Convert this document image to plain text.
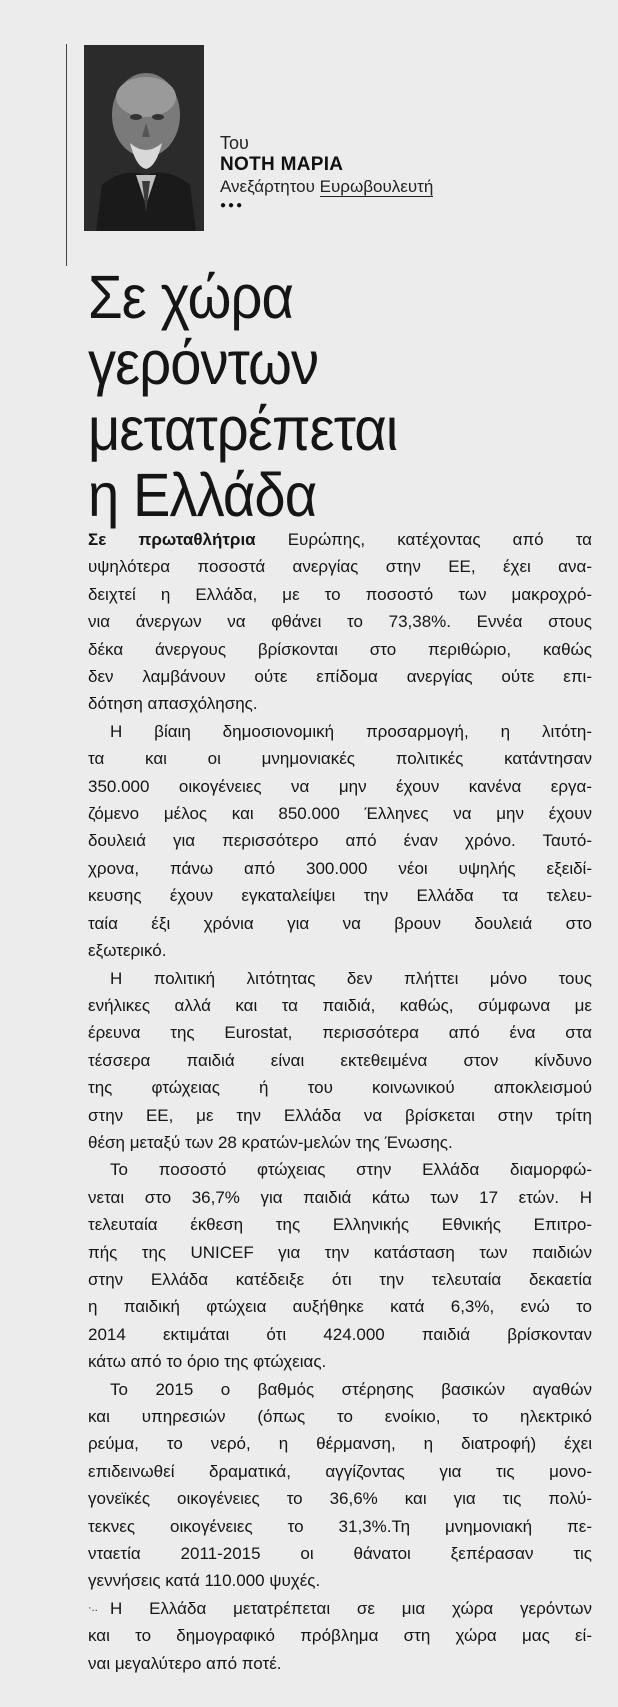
Του
ΝΟΤΗ ΜΑΡΙΑ
Ανεξάρτητου Ευρωβουλευτή
●●●
Σε χώρα
γερόντων
μετατρέπεται
η Ελλάδα
Σε πρωταθλήτρια Ευρώπης, κατέχοντας από τα
υψηλότερα ποσοστά ανεργίας στην ΕΕ, έχει ανα-
δειχτεί η Ελλάδα, με το ποσοστό των μακροχρό-
νια άνεργων να φθάνει το 73,38%. Εννέα στους
δέκα άνεργους βρίσκονται στο περιθώριο, καθώς
δεν λαμβάνουν ούτε επίδομα ανεργίας ούτε επι-
δότηση απασχόλησης.
Η βίαιη δημοσιονομική προσαρμογή, η λιτότη-
τα και οι μνημονιακές πολιτικές κατάντησαν
350.000 οικογένειες να μην έχουν κανένα εργα-
ζόμενο μέλος και 850.000 Έλληνες να μην έχουν
δουλειά για περισσότερο από έναν χρόνο. Ταυτό-
χρονα, πάνω από 300.000 νέοι υψηλής εξειδί-
κευσης έχουν εγκαταλείψει την Ελλάδα τα τελευ-
ταία έξι χρόνια για να βρουν δουλειά στο
εξωτερικό.
Η πολιτική λιτότητας δεν πλήττει μόνο τους
ενήλικες αλλά και τα παιδιά, καθώς, σύμφωνα με
έρευνα της Eurostat, περισσότερα από ένα στα
τέσσερα παιδιά είναι εκτεθειμένα στον κίνδυνο
της φτώχειας ή του κοινωνικού αποκλεισμού
στην ΕΕ, με την Ελλάδα να βρίσκεται στην τρίτη
θέση μεταξύ των 28 κρατών-μελών της Ένωσης.
Το ποσοστό φτώχειας στην Ελλάδα διαμορφώ-
νεται στο 36,7% για παιδιά κάτω των 17 ετών. Η
τελευταία έκθεση της Ελληνικής Εθνικής Επιτρο-
πής της UNICEF για την κατάσταση των παιδιών
στην Ελλάδα κατέδειξε ότι την τελευταία δεκαετία
η παιδική φτώχεια αυξήθηκε κατά 6,3%, ενώ το
2014 εκτιμάται ότι 424.000 παιδιά βρίσκονταν
κάτω από το όριο της φτώχειας.
Το 2015 ο βαθμός στέρησης βασικών αγαθών
και υπηρεσιών (όπως το ενοίκιο, το ηλεκτρικό
ρεύμα, το νερό, η θέρμανση, η διατροφή) έχει
επιδεινωθεί δραματικά, αγγίζοντας για τις μονο-
γονεϊκές οικογένειες το 36,6% και για τις πολύ-
τεκνες οικογένειες το 31,3%.Τη μνημονιακή πε-
νταετία 2011-2015 οι θάνατοι ξεπέρασαν τις
γεννήσεις κατά 110.000 ψυχές.
·.. Η Ελλάδα μετατρέπεται σε μια χώρα γερόντων
και το δημογραφικό πρόβλημα στη χώρα μας εί-
ναι μεγαλύτερο από ποτέ.
